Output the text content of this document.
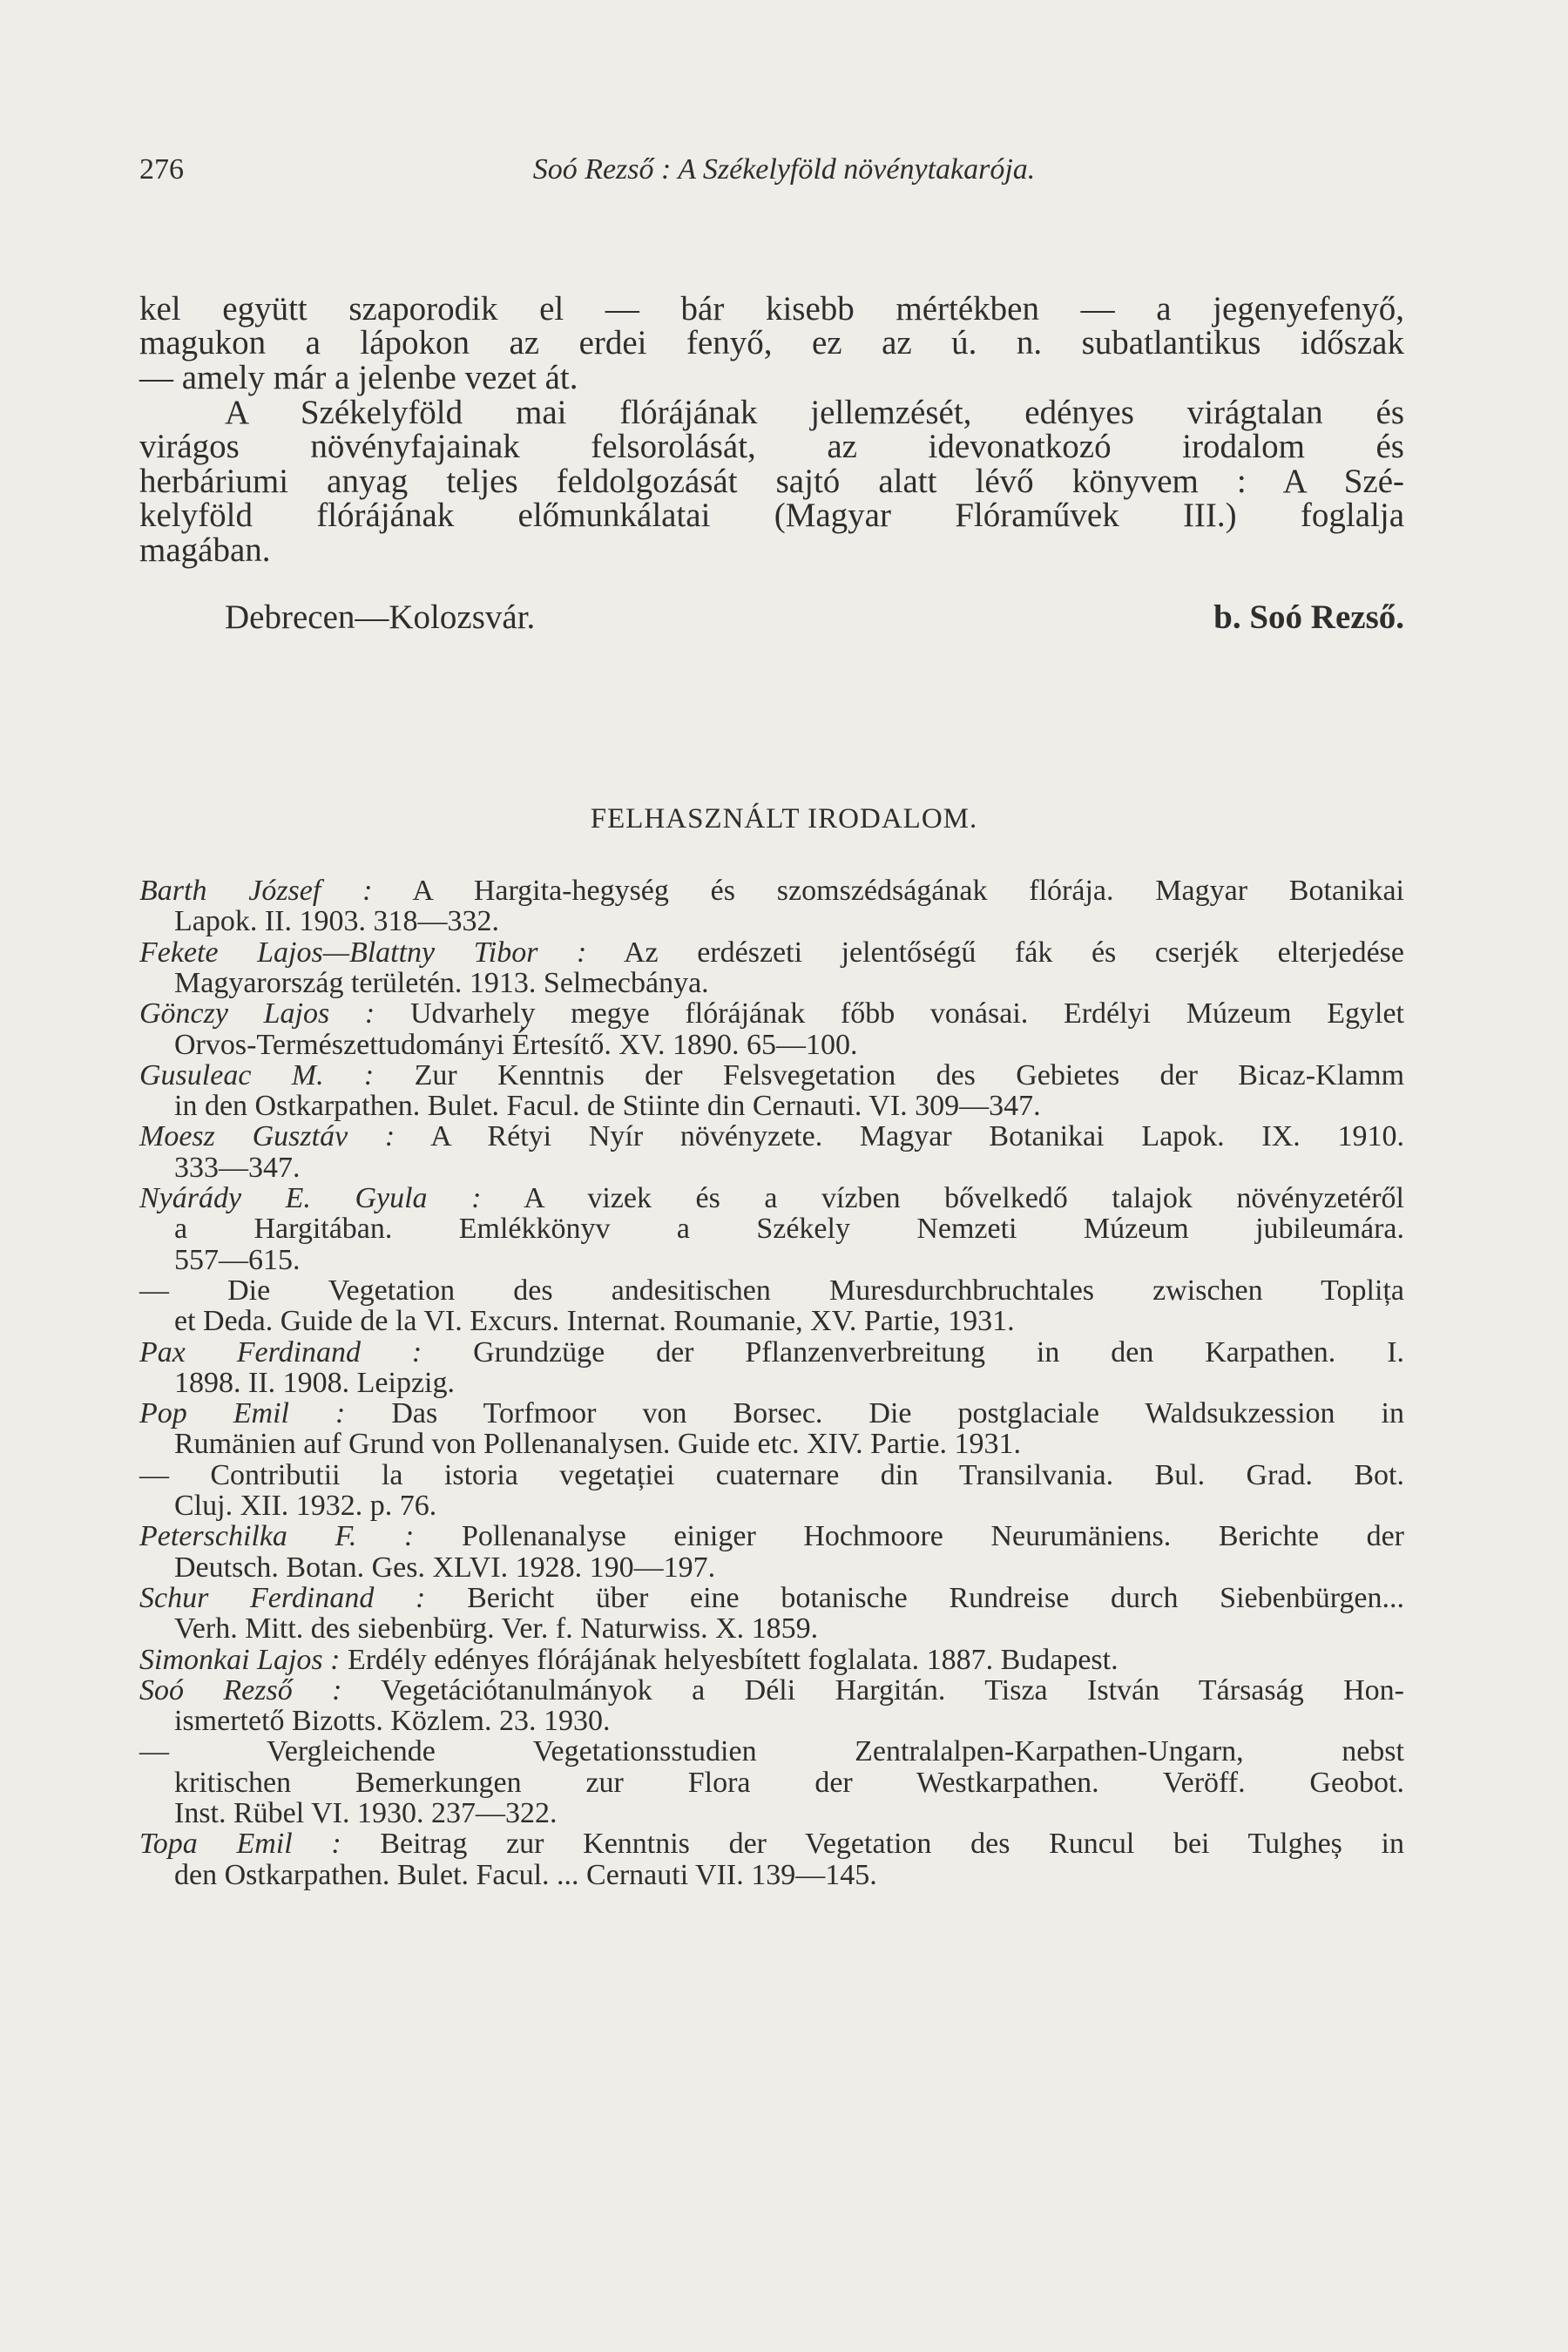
276	Soó Rezső : A Székelyföld növénytakarója.
kel együtt szaporodik el — bár kisebb mértékben — a jegenyefenyő,
magukon a lápokon az erdei fenyő, ez az ú. n. subatlantikus időszak
— amely már a jelenbe vezet át.
A Székelyföld mai flórájának jellemzését, edényes virágtalan és
virágos növényfajainak felsorolását, az idevonatkozó irodalom és
herbáriumi anyag teljes feldolgozását sajtó alatt lévő könyvem : A Szé-
kelyföld flórájának előmunkálatai (Magyar Flóraművek III.) foglalja
magában.
Debrecen—Kolozsvár.	b. Soó Rezső.
FELHASZNÁLT IRODALOM.
Barth József : A Hargita-hegység és szomszédságának flórája. Magyar Botanikai
Lapok. II. 1903. 318—332.
Fekete Lajos—Blattny Tibor : Az erdészeti jelentőségű fák és cserjék elterjedése
Magyarország területén. 1913. Selmecbánya.
Gönczy Lajos : Udvarhely megye flórájának főbb vonásai. Erdélyi Múzeum Egylet
Orvos-Természettudományi Értesítő. XV. 1890. 65—100.
Gusuleac M. : Zur Kenntnis der Felsvegetation des Gebietes der Bicaz-Klamm
in den Ostkarpathen. Bulet. Facul. de Stiinte din Cernauti. VI. 309—347.
Moesz Gusztáv : A Rétyi Nyír növényzete. Magyar Botanikai Lapok. IX. 1910.
333—347.
Nyárády E. Gyula : A vizek és a vízben bővelkedő talajok növényzetéről
a Hargitában. Emlékkönyv a Székely Nemzeti Múzeum jubileumára.
557—615.
— Die Vegetation des andesitischen Muresdurchbruchtales zwischen Toplița
et Deda. Guide de la VI. Excurs. Internat. Roumanie, XV. Partie, 1931.
Pax Ferdinand : Grundzüge der Pflanzenverbreitung in den Karpathen. I.
1898. II. 1908. Leipzig.
Pop Emil : Das Torfmoor von Borsec. Die postglaciale Waldsukzession in
Rumänien auf Grund von Pollenanalysen. Guide etc. XIV. Partie. 1931.
— Contributii la istoria vegetației cuaternare din Transilvania. Bul. Grad. Bot.
Cluj. XII. 1932. p. 76.
Peterschilka F. : Pollenanalyse einiger Hochmoore Neurumäniens. Berichte der
Deutsch. Botan. Ges. XLVI. 1928. 190—197.
Schur Ferdinand : Bericht über eine botanische Rundreise durch Siebenbürgen...
Verh. Mitt. des siebenbürg. Ver. f. Naturwiss. X. 1859.
Simonkai Lajos : Erdély edényes flórájának helyesbített foglalata. 1887. Budapest.
Soó Rezső : Vegetációtanulmányok a Déli Hargitán. Tisza István Társaság Hon-
ismertető Bizotts. Közlem. 23. 1930.
— Vergleichende Vegetationsstudien Zentralalpen-Karpathen-Ungarn, nebst
kritischen Bemerkungen zur Flora der Westkarpathen. Veröff. Geobot.
Inst. Rübel VI. 1930. 237—322.
Topa Emil : Beitrag zur Kenntnis der Vegetation des Runcul bei Tulgheș in
den Ostkarpathen. Bulet. Facul. ... Cernauti VII. 139—145.
